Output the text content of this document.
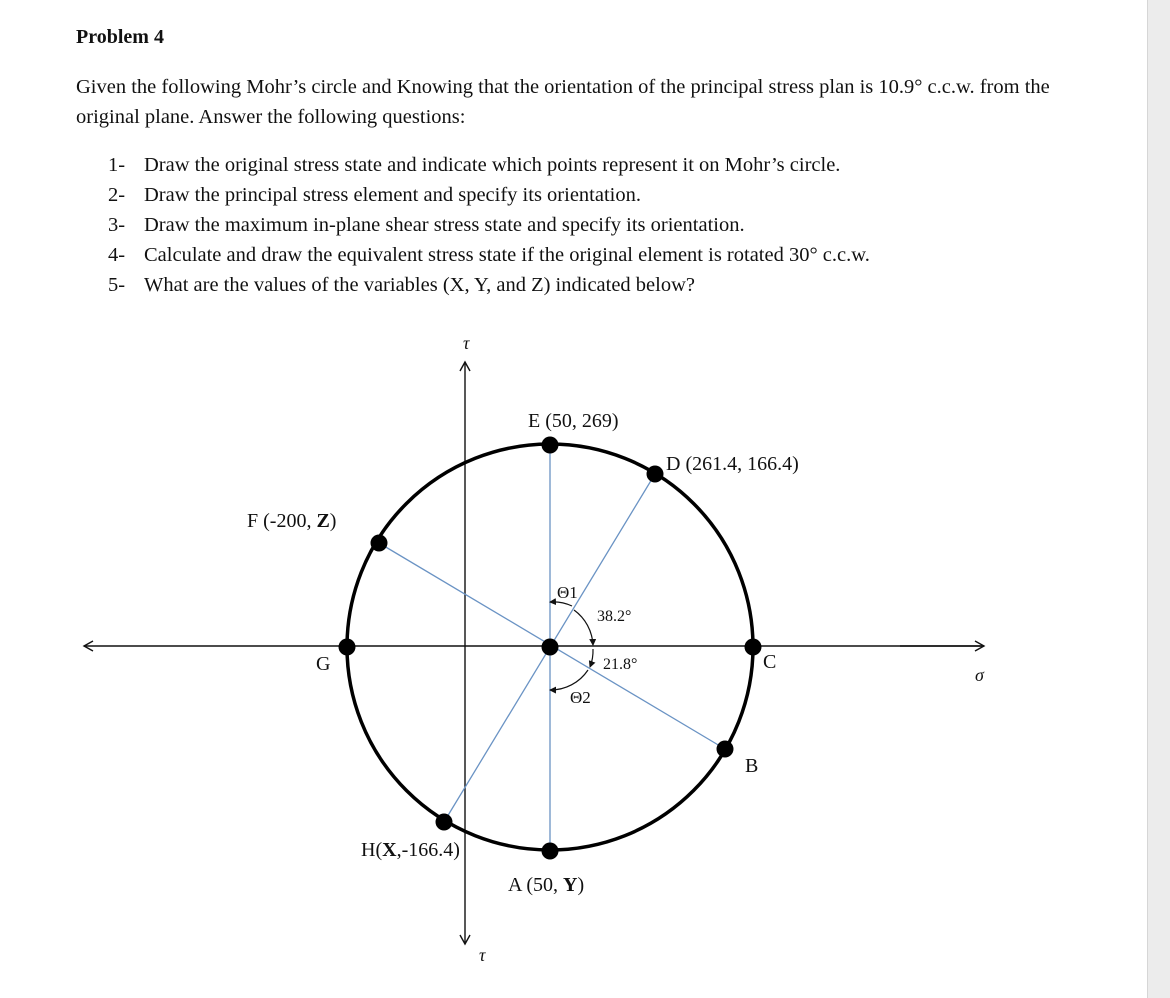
Problem 4
Given the following Mohr’s circle and Knowing that the orientation of the principal stress plan is 10.9° c.c.w. from the original plane. Answer the following questions:
1- Draw the original stress state and indicate which points represent it on Mohr’s circle.
2- Draw the principal stress element and specify its orientation.
3- Draw the maximum in-plane shear stress state and specify its orientation.
4- Calculate and draw the equivalent stress state if the original element is rotated 30° c.c.w.
5- What are the values of the variables (X, Y, and Z) indicated below?
τ
τ
σ
E (50, 269)
D (261.4, 166.4)
F (-200, Z)
G	C
B
H(X,-166.4)
A (50, Y)
Θ1
38.2°
21.8°
Θ2
